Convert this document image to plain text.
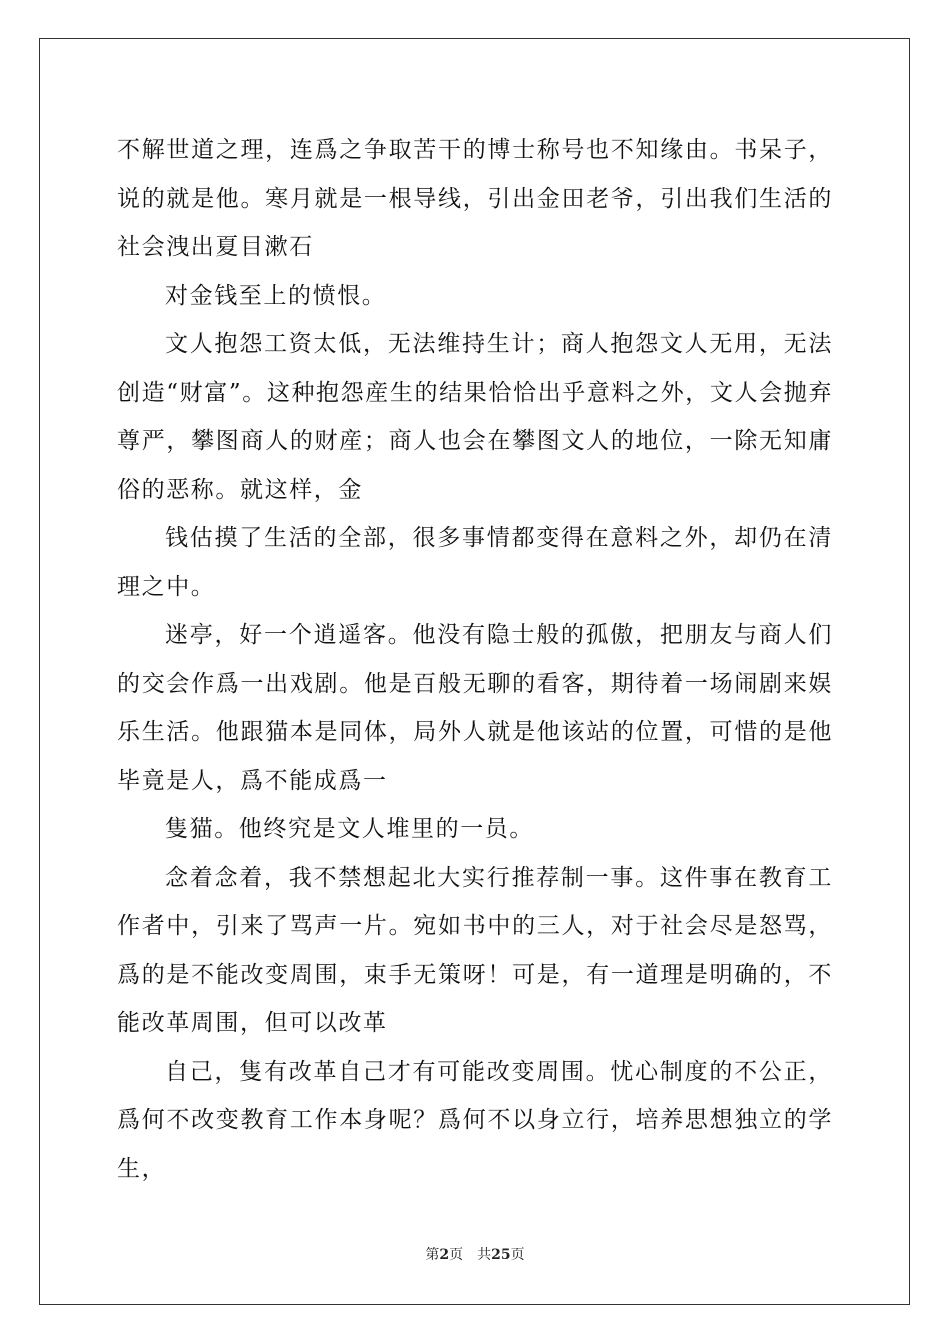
不解世道之理，连爲之争取苦干的博士称号也不知缘由。书呆子，说的就是他。寒月就是一根导线，引出金田老爷，引出我们生活的社会洩出夏目漱石

对金钱至上的愤恨。

文人抱怨工资太低，无法维持生计；商人抱怨文人无用，无法创造“财富”。这种抱怨産生的结果恰恰出乎意料之外，文人会抛弃尊严，攀图商人的财産；商人也会在攀图文人的地位，一除无知庸俗的恶称。就这样，金

钱估摸了生活的全部，很多事情都变得在意料之外，却仍在清理之中。

迷亭，好一个逍遥客。他没有隐士般的孤傲，把朋友与商人们的交会作爲一出戏剧。他是百般无聊的看客，期待着一场闹剧来娱乐生活。他跟猫本是同体，局外人就是他该站的位置，可惜的是他毕竟是人，爲不能成爲一

隻猫。他终究是文人堆里的一员。

念着念着，我不禁想起北大实行推荐制一事。这件事在教育工作者中，引来了骂声一片。宛如书中的三人，对于社会尽是怒骂，爲的是不能改变周围，束手无策呀！可是，有一道理是明确的，不能改革周围，但可以改革

自己，隻有改革自己才有可能改变周围。忧心制度的不公正，爲何不改变教育工作本身呢？爲何不以身立行，培养思想独立的学生，

第2页 共25页
